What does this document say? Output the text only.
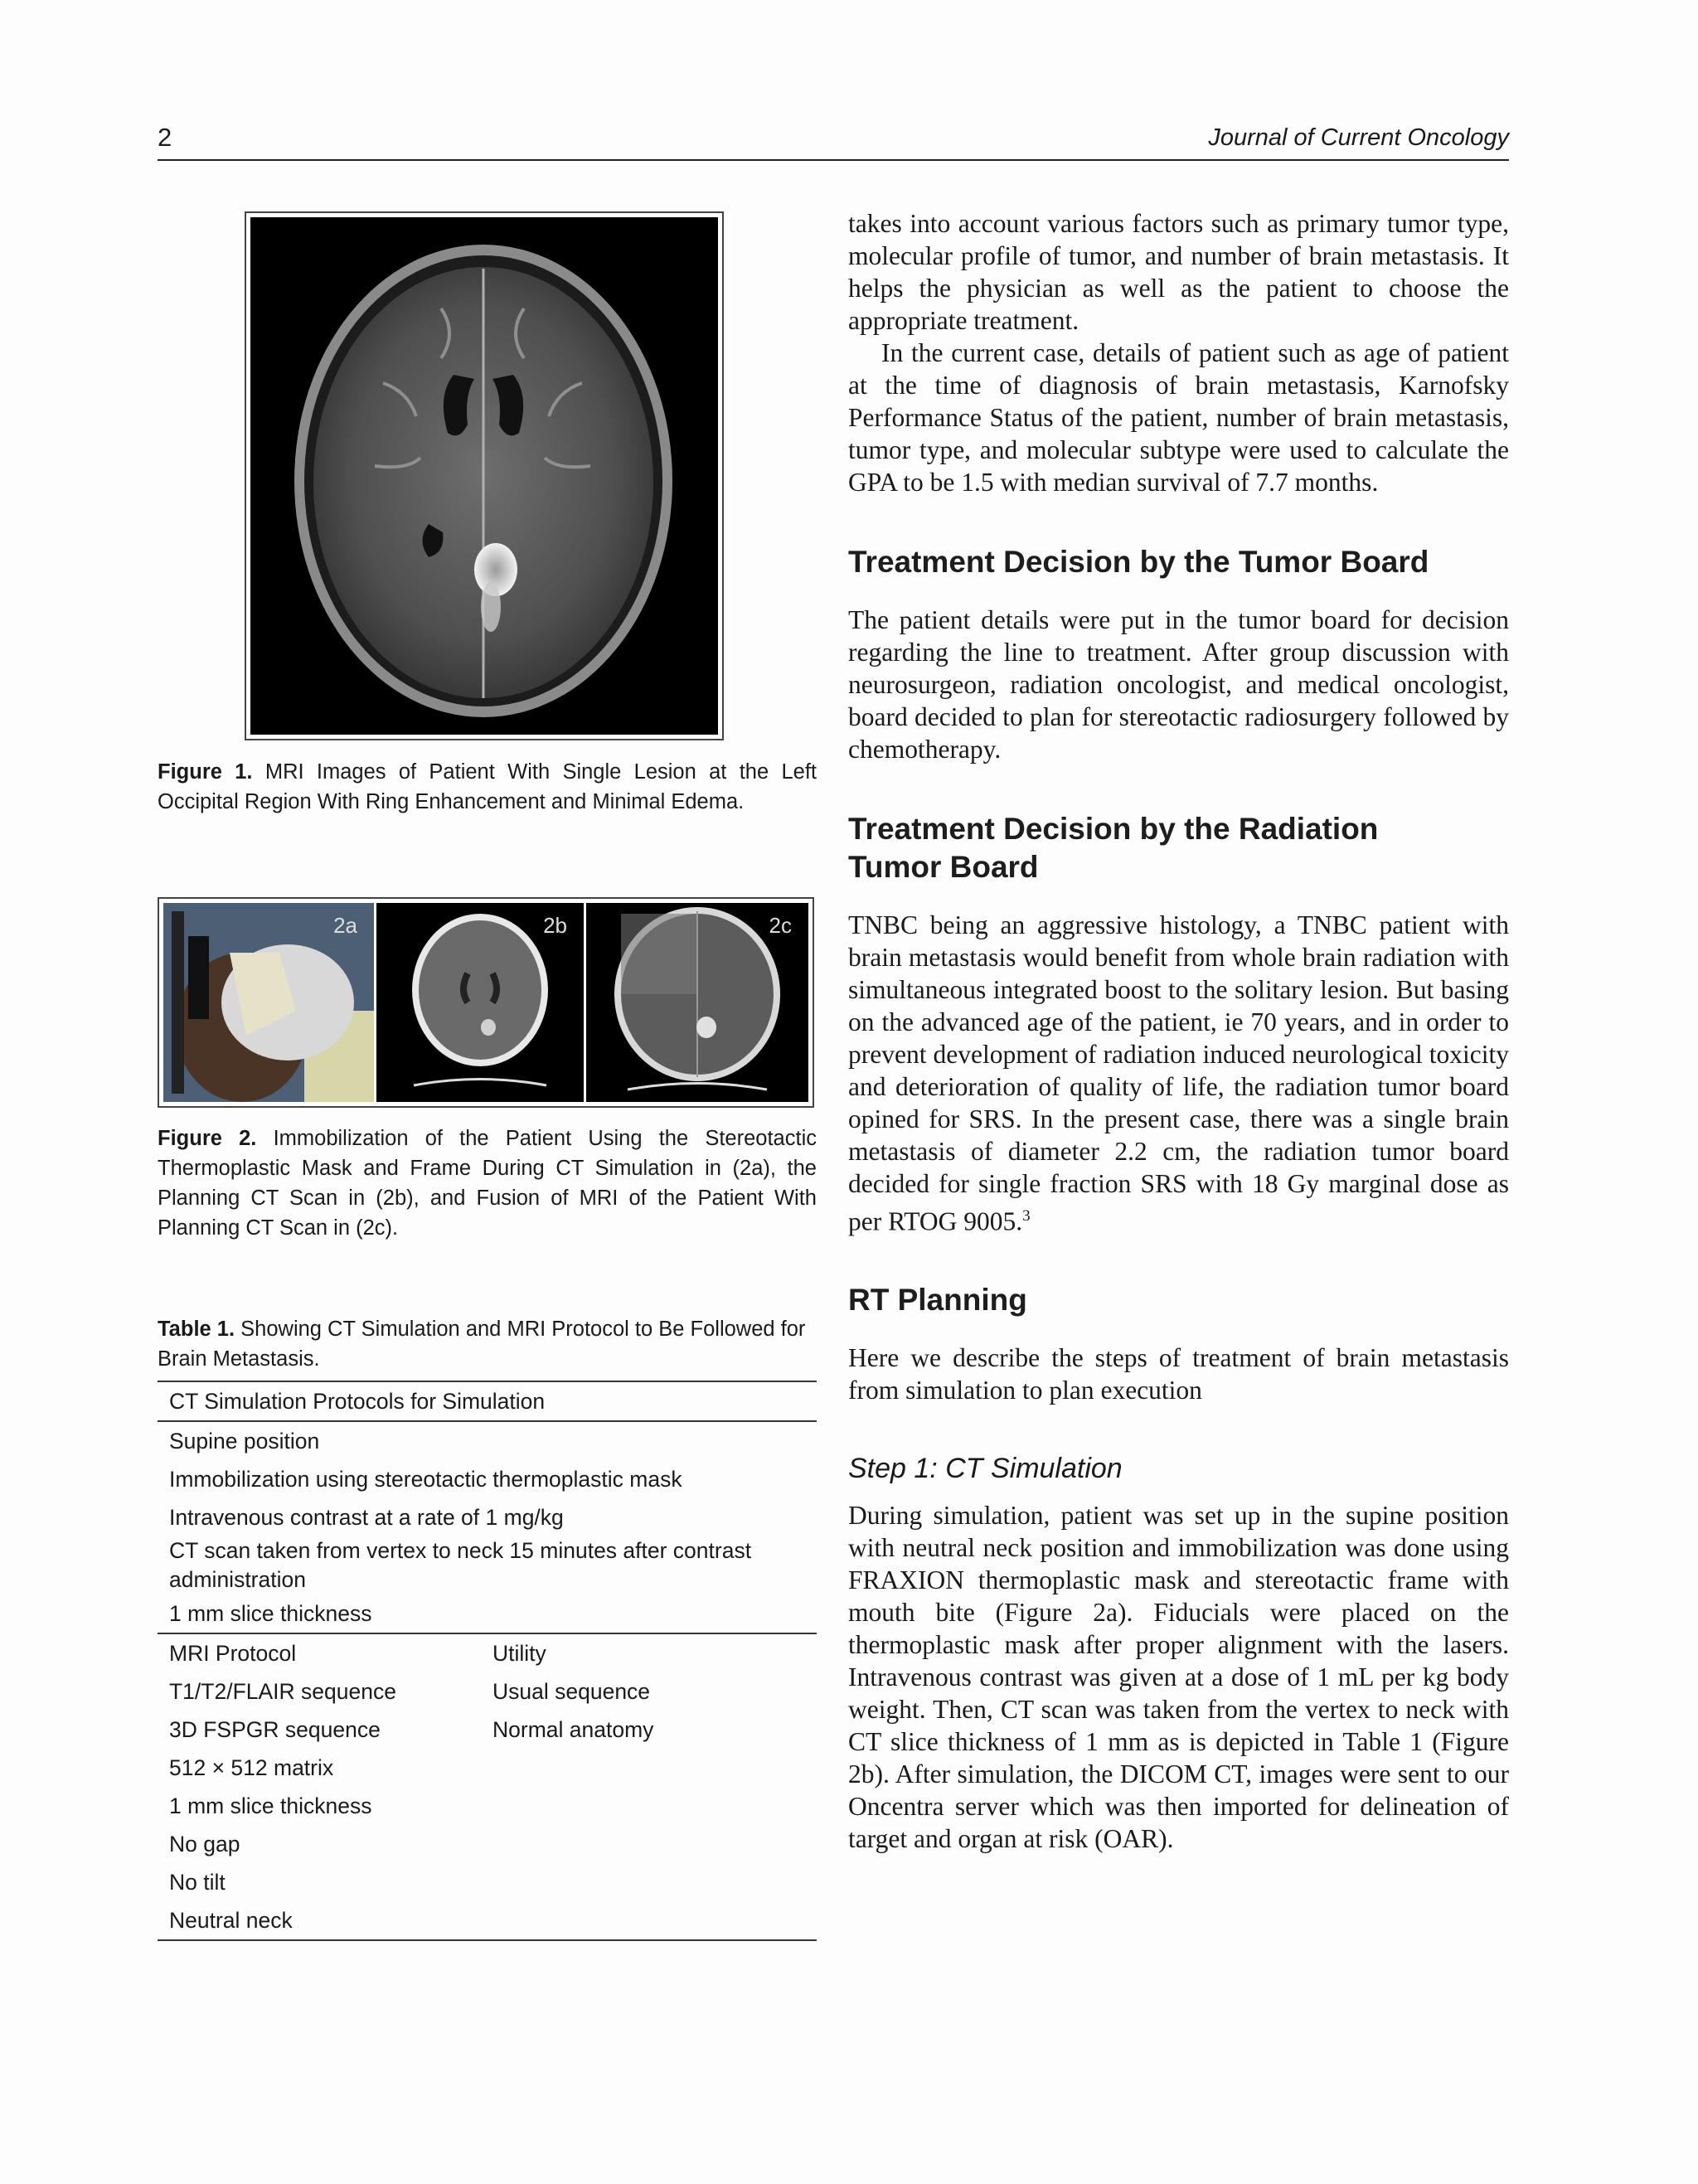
2	Journal of Current Oncology
Figure 1. MRI Images of Patient With Single Lesion at the Left Occipital Region With Ring Enhancement and Minimal Edema.
2a	2b	2c
Figure 2. Immobilization of the Patient Using the Stereotactic Thermoplastic Mask and Frame During CT Simulation in (2a), the Planning CT Scan in (2b), and Fusion of MRI of the Patient With Planning CT Scan in (2c).
Table 1. Showing CT Simulation and MRI Protocol to Be Followed for Brain Metastasis.
CT Simulation Protocols for Simulation	
Supine position	
Immobilization using stereotactic thermoplastic mask	
Intravenous contrast at a rate of 1 mg/kg	
CT scan taken from vertex to neck 15 minutes after contrast administration	
1 mm slice thickness	
MRI Protocol	Utility
T1/T2/FLAIR sequence	Usual sequence
3D FSPGR sequence	Normal anatomy
512 × 512 matrix	
1 mm slice thickness	
No gap	
No tilt	
Neutral neck	

takes into account various factors such as primary tumor type, molecular profile of tumor, and number of brain metastasis. It helps the physician as well as the patient to choose the appropriate treatment.

In the current case, details of patient such as age of patient at the time of diagnosis of brain metastasis, Karnofsky Performance Status of the patient, number of brain metastasis, tumor type, and molecular subtype were used to calculate the GPA to be 1.5 with median survival of 7.7 months.

Treatment Decision by the Tumor Board
The patient details were put in the tumor board for decision regarding the line to treatment. After group discussion with neurosurgeon, radiation oncologist, and medical oncologist, board decided to plan for stereotactic radiosurgery followed by chemotherapy.
Treatment Decision by the Radiation Tumor Board
TNBC being an aggressive histology, a TNBC patient with brain metastasis would benefit from whole brain radiation with simultaneous integrated boost to the solitary lesion. But basing on the advanced age of the patient, ie 70 years, and in order to prevent development of radiation induced neurological toxicity and deterioration of quality of life, the radiation tumor board opined for SRS. In the present case, there was a single brain metastasis of diameter 2.2 cm, the radiation tumor board decided for single fraction SRS with 18 Gy marginal dose as per RTOG 9005.$^3$
RT Planning
Here we describe the steps of treatment of brain metastasis from simulation to plan execution
Step 1: CT Simulation
During simulation, patient was set up in the supine position with neutral neck position and immobilization was done using FRAXION thermoplastic mask and stereotactic frame with mouth bite (Figure 2a). Fiducials were placed on the thermoplastic mask after proper alignment with the lasers. Intravenous contrast was given at a dose of 1 mL per kg body weight. Then, CT scan was taken from the vertex to neck with CT slice thickness of 1 mm as is depicted in Table 1 (Figure 2b). After simulation, the DICOM CT, images were sent to our Oncentra server which was then imported for delineation of target and organ at risk (OAR).
